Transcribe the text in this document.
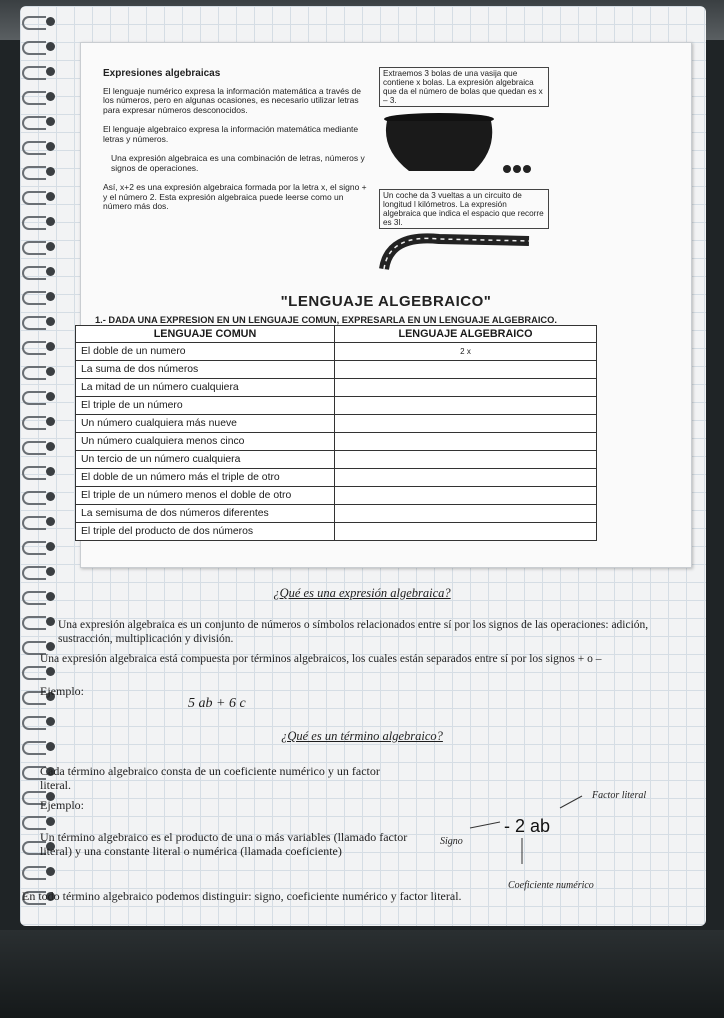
Expresiones algebraicas

El lenguaje numérico expresa la información matemática a través de los números, pero en algunas ocasiones, es necesario utilizar letras para expresar números desconocidos.

El lenguaje algebraico expresa la información matemática mediante letras y números.

Una expresión algebraica es una combinación de letras, números y signos de operaciones.

Así, x+2 es una expresión algebraica formada por la letra x, el signo + y el número 2. Esta expresión algebraica puede leerse como un número más dos.

Extraemos 3 bolas de una vasija que contiene x bolas. La expresión algebraica que da el número de bolas que quedan es x – 3.
Un coche da 3 vueltas a un circuito de longitud l kilómetros. La expresión algebraica que indica el espacio que recorre es 3l.
"LENGUAJE ALGEBRAICO"
1.- DADA UNA EXPRESION EN UN LENGUAJE COMUN, EXPRESARLA EN UN LENGUAJE ALGEBRAICO.
LENGUAJE COMUN	LENGUAJE ALGEBRAICO
El doble de un numero	2 x
La suma de dos números	
La mitad de un número cualquiera	
El triple de un número	
Un número cualquiera más nueve	
Un número cualquiera menos cinco	
Un tercio de un número cualquiera	
El doble de un número más el triple de otro	
El triple de un número menos el doble de otro	
La semisuma de dos números diferentes	
El triple del producto de dos números	
¿Qué es una expresión algebraica?
Una expresión algebraica es un conjunto de números o símbolos relacionados entre sí por los signos de las operaciones: adición, sustracción, multiplicación y división.
Una expresión algebraica está compuesta por términos algebraicos, los cuales están separados entre sí por los signos + o –
Ejemplo:
5 ab + 6 c
¿Qué es un término algebraico?
Cada término algebraico consta de un coeficiente numérico y un factor literal.
Ejemplo:
Un término algebraico es el producto de una o más variables (llamado factor literal) y una constante literal o numérica (llamada coeficiente)
En todo término algebraico podemos distinguir: signo, coeficiente numérico y factor literal.
Factor literal
Signo
Coeficiente numérico
- 2 ab
